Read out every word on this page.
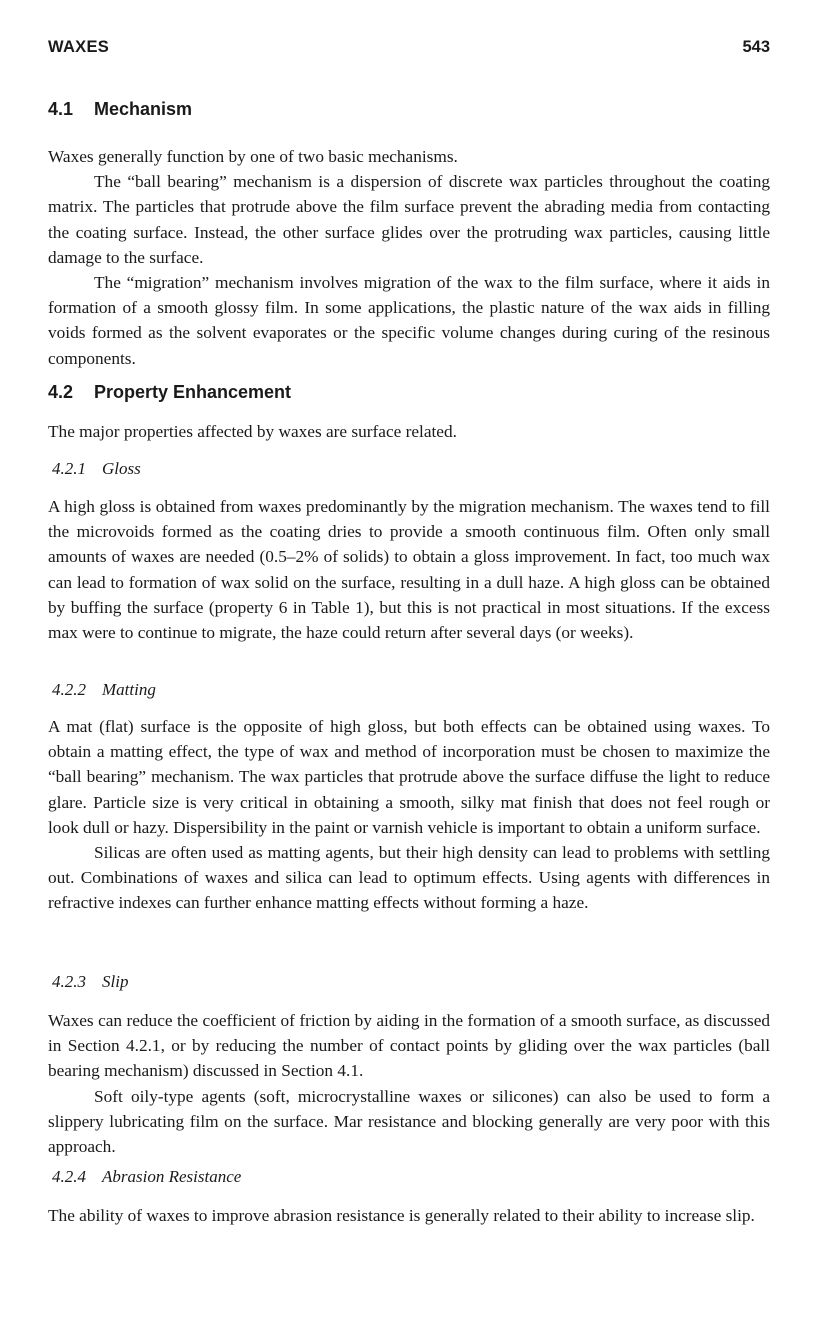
WAXES	543
4.1 Mechanism

Waxes generally function by one of two basic mechanisms.

The “ball bearing” mechanism is a dispersion of discrete wax particles throughout the coating matrix. The particles that protrude above the film surface prevent the abrading media from contacting the coating surface. Instead, the other surface glides over the protruding wax particles, causing little damage to the surface.

The “migration” mechanism involves migration of the wax to the film surface, where it aids in formation of a smooth glossy film. In some applications, the plastic nature of the wax aids in filling voids formed as the solvent evaporates or the specific volume changes during curing of the resinous components.

4.2 Property Enhancement

The major properties affected by waxes are surface related.

4.2.1 Gloss

A high gloss is obtained from waxes predominantly by the migration mechanism. The waxes tend to fill the microvoids formed as the coating dries to provide a smooth continuous film. Often only small amounts of waxes are needed (0.5–2% of solids) to obtain a gloss improvement. In fact, too much wax can lead to formation of wax solid on the surface, resulting in a dull haze. A high gloss can be obtained by buffing the surface (property 6 in Table 1), but this is not practical in most situations. If the excess max were to continue to migrate, the haze could return after several days (or weeks).

4.2.2 Matting

A mat (flat) surface is the opposite of high gloss, but both effects can be obtained using waxes. To obtain a matting effect, the type of wax and method of incorporation must be chosen to maximize the “ball bearing” mechanism. The wax particles that protrude above the surface diffuse the light to reduce glare. Particle size is very critical in obtaining a smooth, silky mat finish that does not feel rough or look dull or hazy. Dispersibility in the paint or varnish vehicle is important to obtain a uniform surface.

Silicas are often used as matting agents, but their high density can lead to problems with settling out. Combinations of waxes and silica can lead to optimum effects. Using agents with differences in refractive indexes can further enhance matting effects without forming a haze.

4.2.3 Slip

Waxes can reduce the coefficient of friction by aiding in the formation of a smooth surface, as discussed in Section 4.2.1, or by reducing the number of contact points by gliding over the wax particles (ball bearing mechanism) discussed in Section 4.1.

Soft oily-type agents (soft, microcrystalline waxes or silicones) can also be used to form a slippery lubricating film on the surface. Mar resistance and blocking generally are very poor with this approach.

4.2.4 Abrasion Resistance

The ability of waxes to improve abrasion resistance is generally related to their ability to increase slip.
